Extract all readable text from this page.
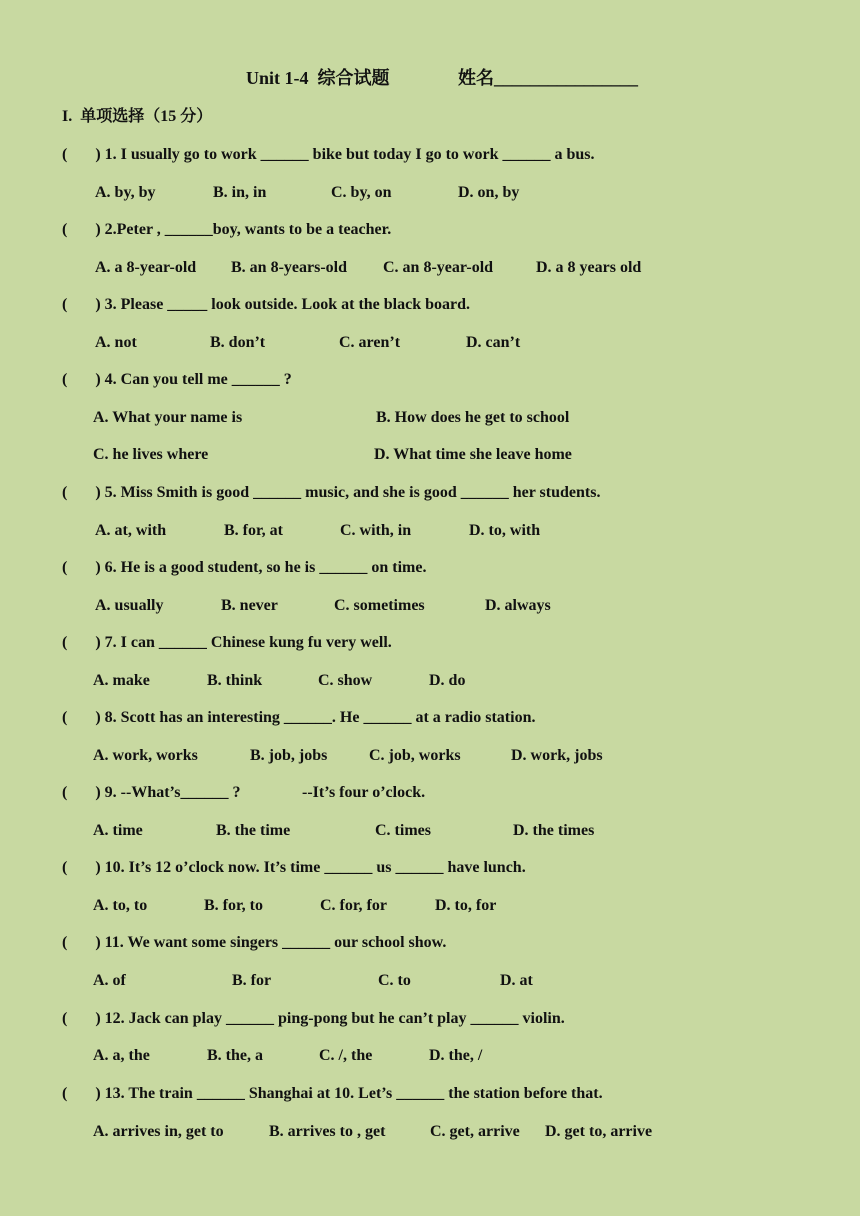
Unit 1-4  综合试题	姓名________________
I.  单项选择（15 分）
(       ) 1. I usually go to work ______ bike but today I go to work ______ a bus.
A. by, by	B. in, in	C. by, on	D. on, by
(       ) 2.Peter , ______boy, wants to be a teacher.
A. a 8-year-old B. an 8-years-old C. an 8-year-old	D. a 8 years old
(       ) 3. Please _____ look outside. Look at the black board.
A. not	B. don’t	C. aren’t	D. can’t
(       ) 4. Can you tell me ______ ?
A. What your name is	B. How does he get to school
C. he lives where	D. What time she leave home
(       ) 5. Miss Smith is good ______ music, and she is good ______ her students.
A. at, with	B. for, at	C. with, in	D. to, with
(       ) 6. He is a good student, so he is ______ on time.
A. usually	B. never	C. sometimes	D. always
(       ) 7. I can ______ Chinese kung fu very well.
A. make	B. think	C. show	D. do
(       ) 8. Scott has an interesting ______. He ______ at a radio station.
A. work, works	B. job, jobs	C. job, works	D. work, jobs
(       ) 9. --What’s______ ?	--It’s four o’clock.
A. time	B. the time	C. times	D. the times
(       ) 10. It’s 12 o’clock now. It’s time ______ us ______ have lunch.
A. to, to	B. for, to	C. for, for	D. to, for
(       ) 11. We want some singers ______ our school show.
A. of	B. for	C. to	D. at
(       ) 12. Jack can play ______ ping-pong but he can’t play ______ violin.
A. a, the	B. the, a	C. /, the	D. the, /
(       ) 13. The train ______ Shanghai at 10. Let’s ______ the station before that.
A. arrives in, get to	B. arrives to , get	C. get, arrive D. get to, arrive
